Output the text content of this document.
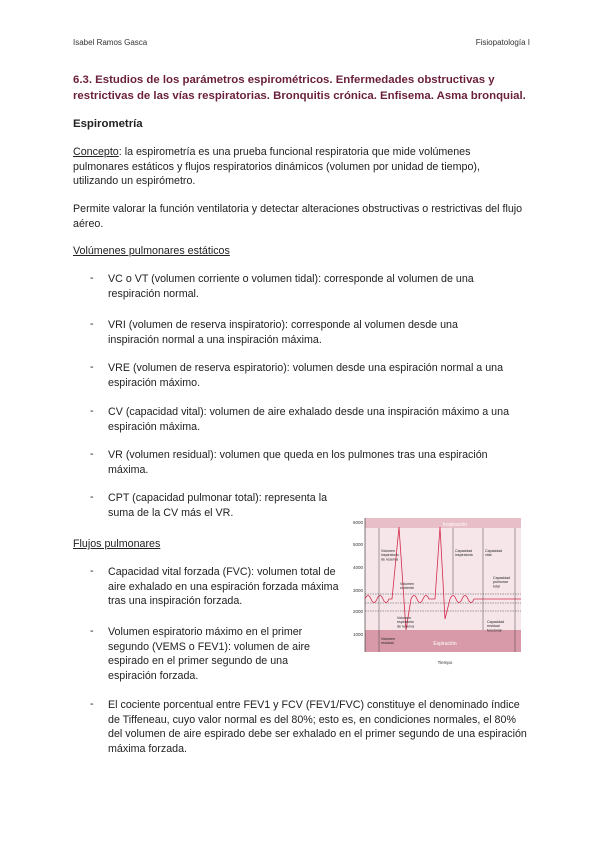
Isabel Ramos Gasca	Fisiopatología I
6.3. Estudios de los parámetros espirométricos. Enfermedades obstructivas y restrictivas de las vías respiratorias. Bronquitis crónica. Enfisema. Asma bronquial.
Espirometría
Concepto: la espirometría es una prueba funcional respiratoria que mide volúmenes pulmonares estáticos y flujos respiratorios dinámicos (volumen por unidad de tiempo), utilizando un espirómetro.
Permite valorar la función ventilatoria y detectar alteraciones obstructivas o restrictivas del flujo aéreo.
Volúmenes pulmonares estáticos
- VC o VT (volumen corriente o volumen tidal): corresponde al volumen de una respiración normal.
- VRI (volumen de reserva inspiratorio): corresponde al volumen desde una inspiración normal a una inspiración máxima.
- VRE (volumen de reserva espiratorio): volumen desde una espiración normal a una espiración máximo.
- CV (capacidad vital): volumen de aire exhalado desde una inspiración máximo a una espiración máxima.
- VR (volumen residual): volumen que queda en los pulmones tras una espiración máxima.
- CPT (capacidad pulmonar total): representa la suma de la CV más el VR.
Flujos pulmonares
- Capacidad vital forzada (FVC): volumen total de aire exhalado en una espiración forzada máxima tras una inspiración forzada.
- Volumen espiratorio máximo en el primer segundo (VEMS o FEV1): volumen de aire espirado en el primer segundo de una espiración forzada.
- El cociente porcentual entre FEV1 y FCV (FEV1/FVC) constituye el denominado índice de Tiffeneau, cuyo valor normal es del 80%; esto es, en condiciones normales, el 80% del volumen de aire espirado debe ser exhalado en el primer segundo de una espiración máxima forzada.
6000
5000
4000
3000
2000
1000
Inspiración
Espiración
Tiempo
Volumen inspiratorio de reserva
Volumen corriente
Volumen espiratorio de reserva
Volumen residual
Capacidad inspiratoria
Capacidad vital
Capacidad residual funcional
Capacidad pulmonar total
